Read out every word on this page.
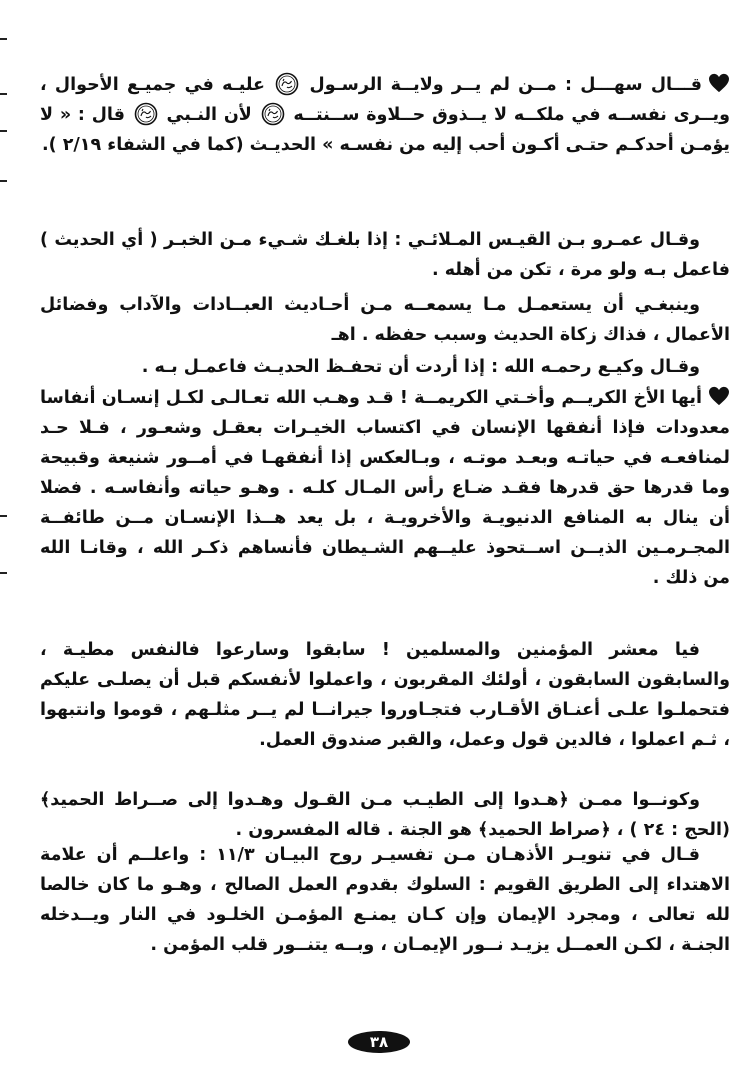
قـــال سهـــل : مــن لم يــر ولايــة الرسـول  عليـه في جميـع الأحوال ، ويــرى نفســه في ملكــه لا يــذوق حــلاوة ســنتــه  لأن النـبي  قال : « لا يؤمـن أحدكـم حتـى أكـون أحب إليه من نفسـه » الحديـث (كما في الشفاء ٢/١٩ ).

وقـال عمـرو بـن القيـس المـلائـي : إذا بلغـك شـيء مـن الخبـر ( أي الحديث ) فاعمل بـه ولو مرة ، تكن من أهله .

وينبغـي أن يستعمـل مـا يسمعــه مـن أحـاديث العبــادات والآداب وفضائل الأعمال ، فذاك زكاة الحديث وسبب حفظه . اهـ

وقـال وكيـع رحمـه الله : إذا أردت أن تحفـظ الحديـث فاعمـل بـه .

أيها الأخ الكريــم وأخـتي الكريمــة ! قـد وهـب الله تعـالـى لكـل إنسـان أنفاسا معدودات فإذا أنفقها الإنسان في اكتساب الخيـرات بعقـل وشعـور ، فـلا حـد لمنافعـه في حياتـه وبعـد موتـه ، وبـالعكس إذا أنفقهـا في أمــور شنيعة وقبيحة وما قدرها حق قدرها فقـد ضـاع رأس المـال كلـه . وهـو حياته وأنفاسـه . فضلا أن ينال به المنافع الدنيويـة والأخرويـة ، بل يعد هــذا الإنسـان مــن طائفــة المجـرمـين الذيــن اســتحوذ عليــهم الشـيطان فأنساهم ذكـر الله ، وقانـا الله من ذلك .

فيا معشر المؤمنين والمسلمين ! سابقوا وسارعوا فالنفس مطيـة ، والسابقون السابقون ، أولئك المقربون ، واعملوا لأنفسكم قبل أن يصلـى عليكم فتحملـوا علـى أعنـاق الأقـارب فتجـاوروا جيرانــا لم يــر مثلـهم ، قوموا وانتبهوا ، ثـم اعملوا ، فالدين قول وعمل، والقبر صندوق العمل.

وكونــوا ممـن ﴿هـدوا إلى الطيـب مـن القـول وهـدوا إلى صــراط الحميد﴾ (الحج : ٢٤ ) ، ﴿صراط الحميد﴾ هو الجنة . قاله المفسرون .

قـال في تنويـر الأذهـان مـن تفسيـر روح البيـان ١١/٣ : واعلــم أن علامة الاهتداء إلى الطريق القويم : السلوك بقدوم العمل الصالح ، وهـو ما كان خالصا لله تعالى ، ومجرد الإيمان وإن كـان يمنـع المؤمـن الخلـود في النار ويــدخله الجنـة ، لكـن العمــل يزيـد نــور الإيمـان ، وبــه يتنــور قلب المؤمن .

٣٨
